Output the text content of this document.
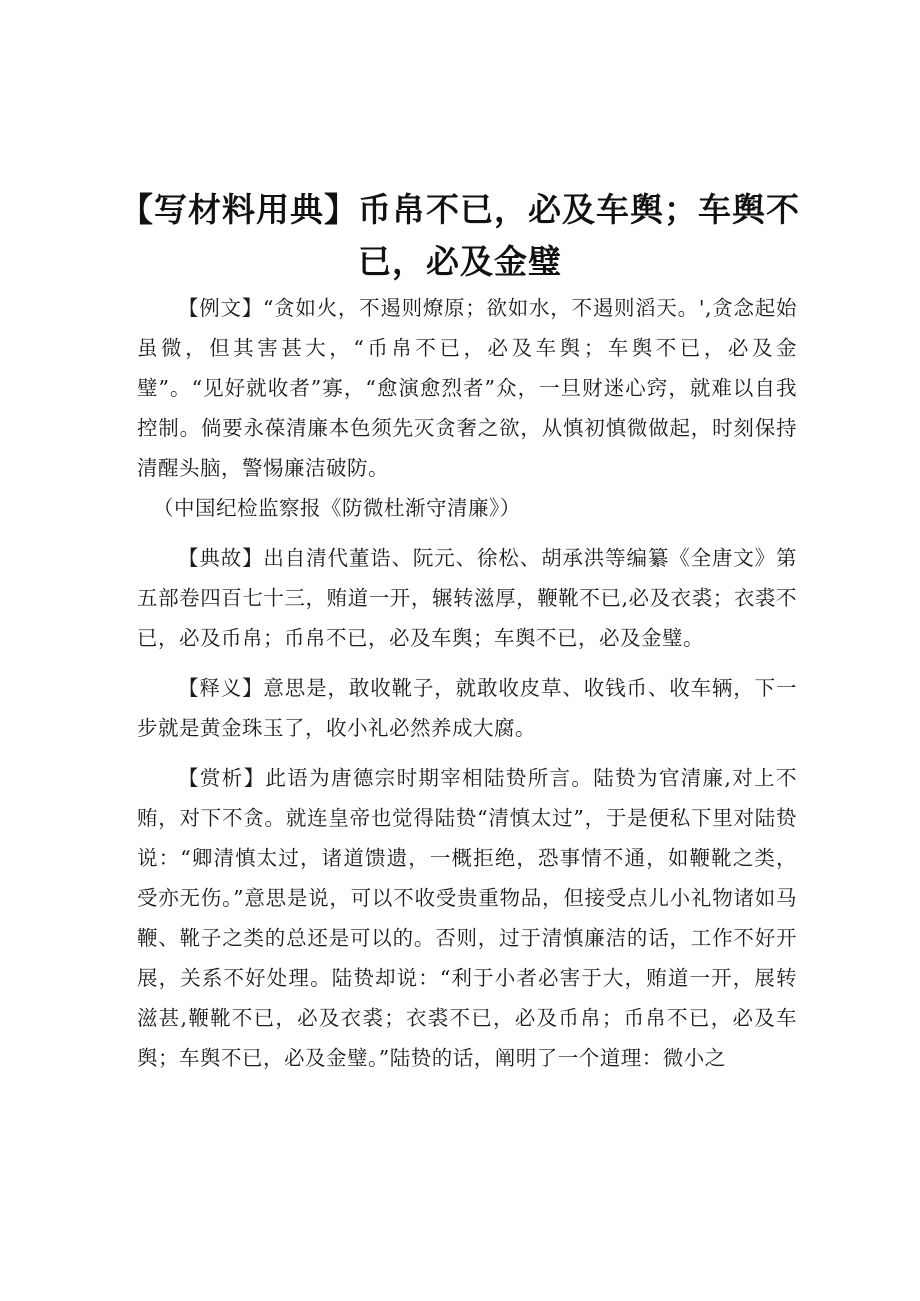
【写材料用典】币帛不已，必及车舆；车舆不
已，必及金璧

【例文】“贪如火，不遏则燎原；欲如水，不遏则滔天。',贪念起始虽微，但其害甚大，“币帛不已，必及车舆；车舆不已，必及金璧”。“见好就收者”寡，“愈演愈烈者”众，一旦财迷心窍，就难以自我控制。倘要永葆清廉本色须先灭贪奢之欲，从慎初慎微做起，时刻保持清醒头脑，警惕廉洁破防。

（中国纪检监察报《防微杜渐守清廉》）

【典故】出自清代董诰、阮元、徐松、胡承洪等编纂《全唐文》第五部卷四百七十三，贿道一开，辗转滋厚，鞭靴不已,必及衣裘；衣裘不已，必及币帛；币帛不已，必及车舆；车舆不已，必及金璧。

【释义】意思是，敢收靴子，就敢收皮草、收钱币、收车辆，下一步就是黄金珠玉了，收小礼必然养成大腐。

【赏析】此语为唐德宗时期宰相陆贽所言。陆贽为官清廉,对上不贿，对下不贪。就连皇帝也觉得陆贽“清慎太过”，于是便私下里对陆贽说：“卿清慎太过，诸道馈遗，一概拒绝，恐事情不通，如鞭靴之类，受亦无伤。”意思是说，可以不收受贵重物品，但接受点儿小礼物诸如马鞭、靴子之类的总还是可以的。否则，过于清慎廉洁的话，工作不好开展，关系不好处理。陆贽却说：“利于小者必害于大，贿道一开，展转滋甚,鞭靴不已，必及衣裘；衣裘不已，必及币帛；币帛不已，必及车舆；车舆不已，必及金璧。”陆贽的话，阐明了一个道理：微小之
